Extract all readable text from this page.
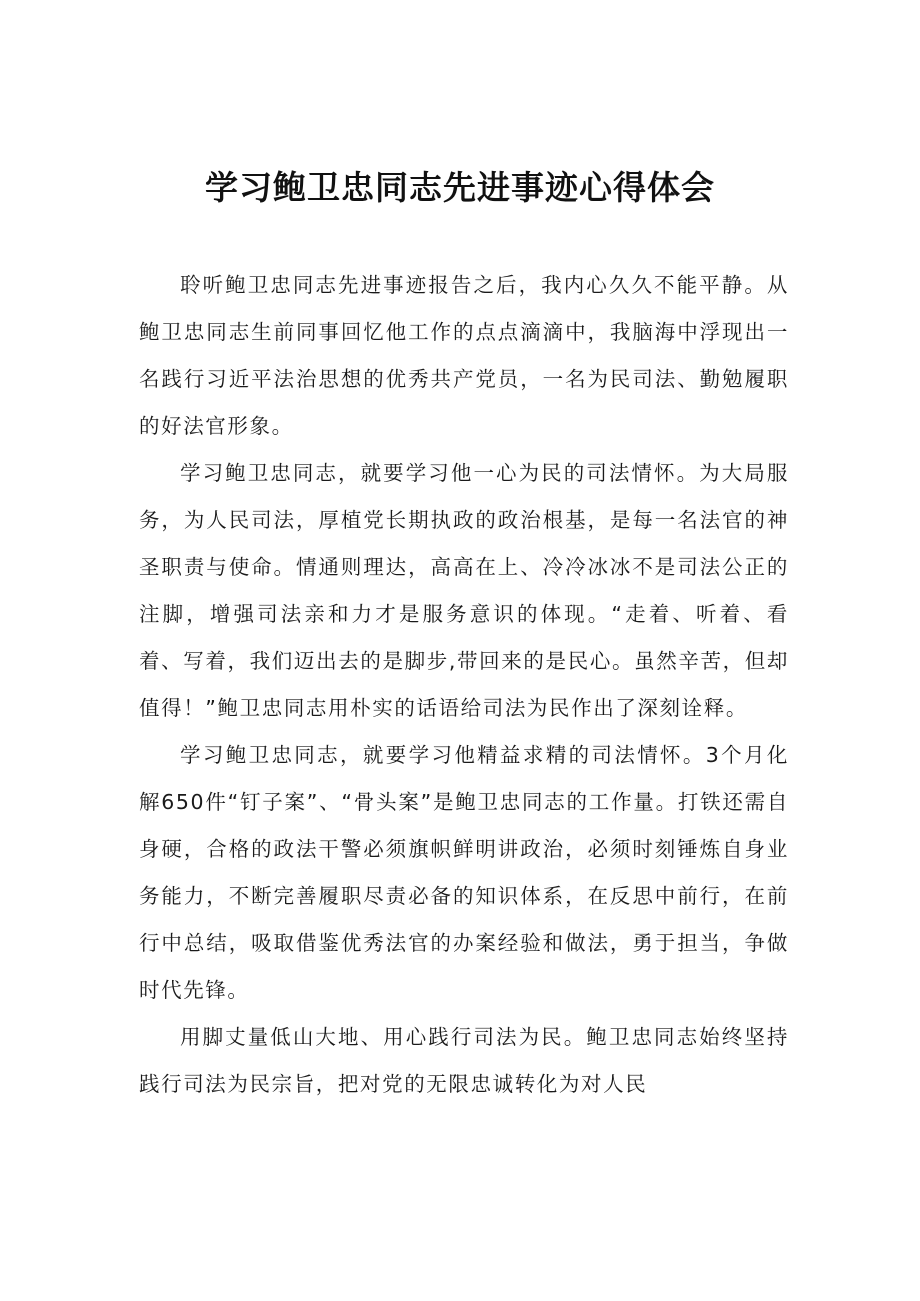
学习鲍卫忠同志先进事迹心得体会

聆听鲍卫忠同志先进事迹报告之后，我内心久久不能平静。从鲍卫忠同志生前同事回忆他工作的点点滴滴中，我脑海中浮现出一名践行习近平法治思想的优秀共产党员，一名为民司法、勤勉履职的好法官形象。

学习鲍卫忠同志，就要学习他一心为民的司法情怀。为大局服务，为人民司法，厚植党长期执政的政治根基，是每一名法官的神圣职责与使命。情通则理达，高高在上、冷冷冰冰不是司法公正的注脚，增强司法亲和力才是服务意识的体现。“走着、听着、看着、写着，我们迈出去的是脚步,带回来的是民心。虽然辛苦，但却值得！”鲍卫忠同志用朴实的话语给司法为民作出了深刻诠释。

学习鲍卫忠同志，就要学习他精益求精的司法情怀。3个月化解650件“钉子案”、“骨头案”是鲍卫忠同志的工作量。打铁还需自身硬，合格的政法干警必须旗帜鲜明讲政治，必须时刻锤炼自身业务能力，不断完善履职尽责必备的知识体系，在反思中前行，在前行中总结，吸取借鉴优秀法官的办案经验和做法，勇于担当，争做时代先锋。

用脚丈量低山大地、用心践行司法为民。鲍卫忠同志始终坚持践行司法为民宗旨，把对党的无限忠诚转化为对人民
